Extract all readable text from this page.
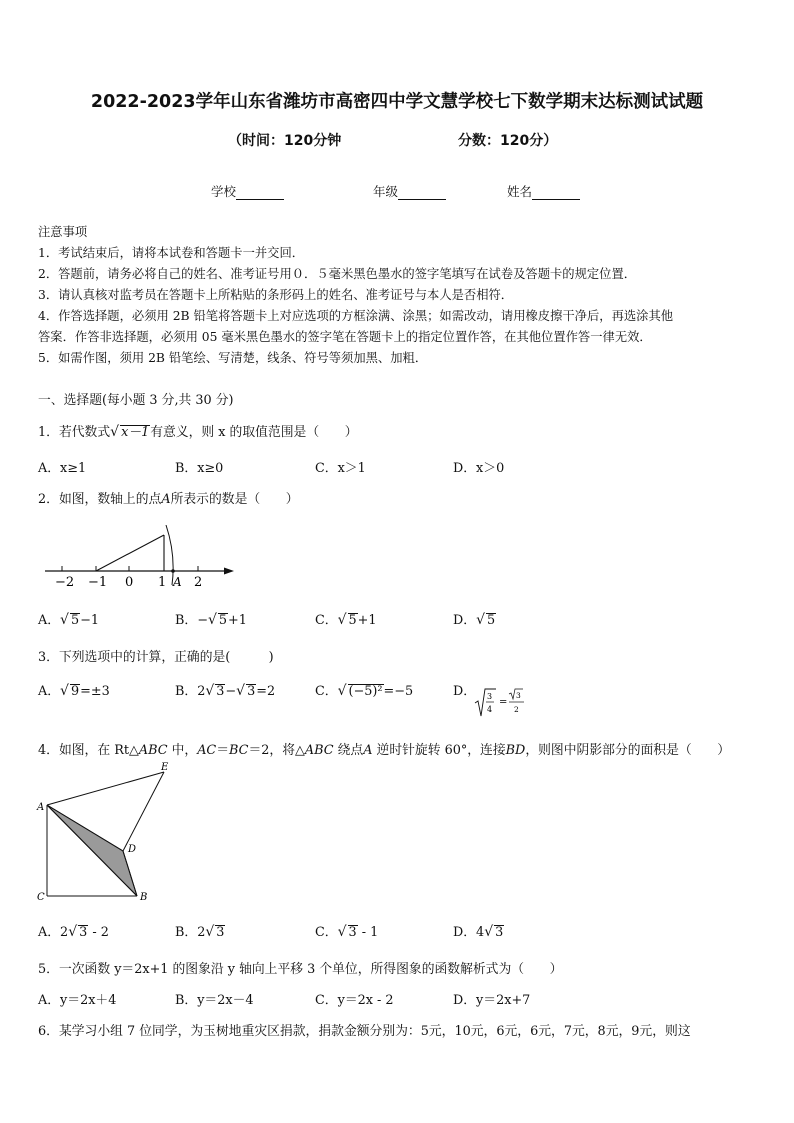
2022-2023学年山东省潍坊市高密四中学文慧学校七下数学期末达标测试试题
（时间：120分钟	分数：120分）
学校	年级	姓名

注意事项

1．考试结束后，请将本试卷和答题卡一并交回．

2．答题前，请务必将自己的姓名、准考证号用０．５毫米黑色墨水的签字笔填写在试卷及答题卡的规定位置．

3．请认真核对监考员在答题卡上所粘贴的条形码上的姓名、准考证号与本人是否相符．

4．作答选择题，必须用 2B 铅笔将答题卡上对应选项的方框涂满、涂黑；如需改动，请用橡皮擦干净后，再选涂其他

答案．作答非选择题，必须用 05 毫米黑色墨水的签字笔在答题卡上的指定位置作答，在其他位置作答一律无效．

5．如需作图，须用 2B 铅笔绘、写清楚，线条、符号等须加黑、加粗．

一、选择题(每小题 3 分,共 30 分)
1．若代数式√ x－1有意义，则 x 的取值范围是（　　）
A．x≥1	B．x≥0	C．x＞1	D．x＞0
2．如图，数轴上的点A所表示的数是（　　）
−2 −1 0 1 A 2
A．√ 5−1	B．−√ 5+1	C．√ 5+1	D．√ 5
3．下列选项中的计算，正确的是(　　　)
A．√ 9=±3	B．2√ 3−√ 3=2	C．√ (−5)²=−5	D． 3
4
=
3
2
4．如图，在 Rt△ABC 中，AC＝BC＝2，将△ABC 绕点A 逆时针旋转 60°，连接BD，则图中阴影部分的面积是（　　）
E
A
D
C	B
A．2√ 3 - 2	B．2√ 3	C．√ 3 - 1	D．4√ 3
5．一次函数 y＝2x+1 的图象沿 y 轴向上平移 3 个单位，所得图象的函数解析式为（　　）
A．y＝2x＋4	B．y＝2x－4	C．y＝2x - 2	D．y＝2x+7
6．某学习小组 7 位同学，为玉树地重灾区捐款，捐款金额分别为：5元，10元，6元，6元，7元，8元，9元，则这
